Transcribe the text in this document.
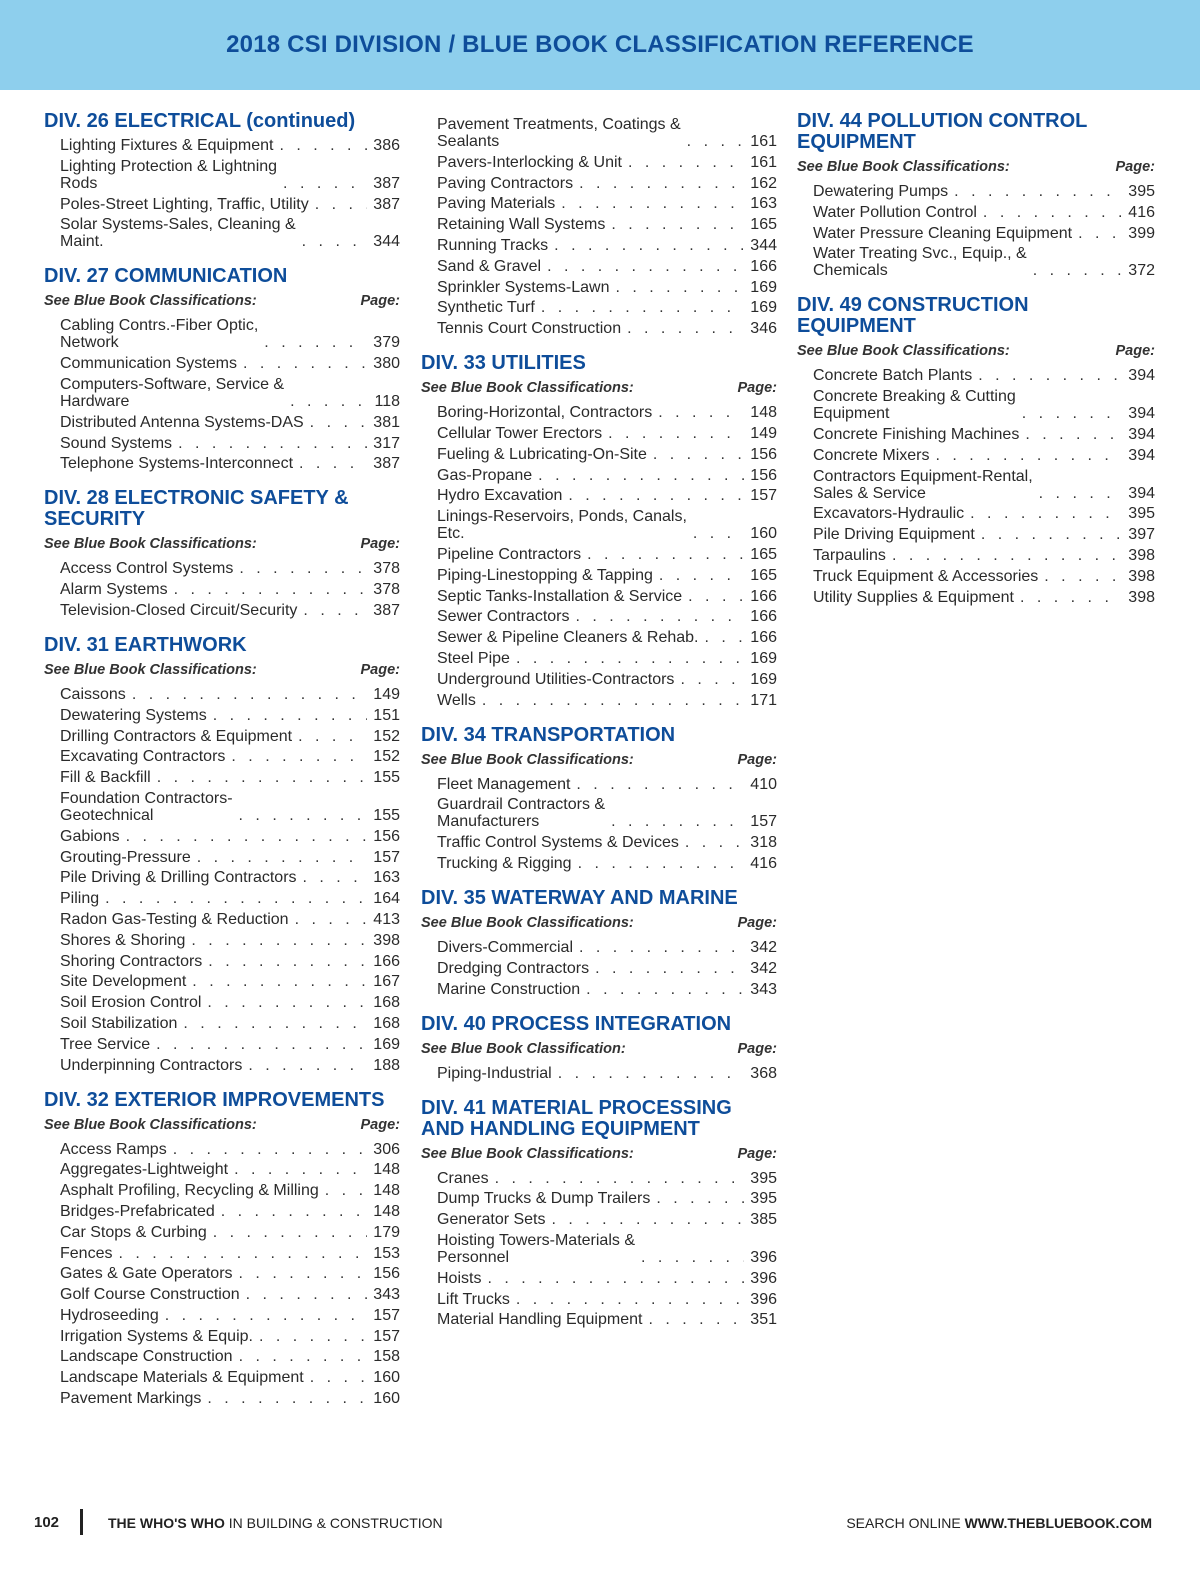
2018 CSI DIVISION / BLUE BOOK CLASSIFICATION REFERENCE
DIV. 26 ELECTRICAL (continued)
Lighting Fixtures & Equipment . . .	386
Lighting Protection & Lightning
Rods . . .	387
Poles-Street Lighting, Traffic, Utility . . .	387
Solar Systems-Sales, Cleaning &
Maint. . . .	344
DIV. 27 COMMUNICATION
See Blue Book Classifications:	Page:
Cabling Contrs.-Fiber Optic,
Network . . .	379
Communication Systems . . .	380
Computers-Software, Service &
Hardware . . .	118
Distributed Antenna Systems-DAS . . .	381
Sound Systems . . .	317
Telephone Systems-Interconnect . . .	387
DIV. 28 ELECTRONIC SAFETY &
SECURITY
See Blue Book Classifications:	Page:
Access Control Systems . . .	378
Alarm Systems . . .	378
Television-Closed Circuit/Security . . .	387
DIV. 31 EARTHWORK
See Blue Book Classifications:	Page:
Caissons . . .	149
Dewatering Systems . . .	151
Drilling Contractors & Equipment . . .	152
Excavating Contractors . . .	152
Fill & Backfill . . .	155
Foundation Contractors-
Geotechnical . . .	155
Gabions . . .	156
Grouting-Pressure . . .	157
Pile Driving & Drilling Contractors . . .	163
Piling . . .	164
Radon Gas-Testing & Reduction . . .	413
Shores & Shoring . . .	398
Shoring Contractors . . .	166
Site Development . . .	167
Soil Erosion Control . . .	168
Soil Stabilization . . .	168
Tree Service . . .	169
Underpinning Contractors . . .	188
DIV. 32 EXTERIOR IMPROVEMENTS
See Blue Book Classifications:	Page:
Access Ramps . . .	306
Aggregates-Lightweight . . .	148
Asphalt Profiling, Recycling & Milling . . .	148
Bridges-Prefabricated . . .	148
Car Stops & Curbing . . .	179
Fences . . .	153
Gates & Gate Operators . . .	156
Golf Course Construction . . .	343
Hydroseeding . . .	157
Irrigation Systems & Equip. . . .	157
Landscape Construction . . .	158
Landscape Materials & Equipment . . .	160
Pavement Markings . . .	160
Pavement Treatments, Coatings &
Sealants . . .	161
Pavers-Interlocking & Unit . . .	161
Paving Contractors . . .	162
Paving Materials . . .	163
Retaining Wall Systems . . .	165
Running Tracks . . .	344
Sand & Gravel . . .	166
Sprinkler Systems-Lawn . . .	169
Synthetic Turf . . .	169
Tennis Court Construction . . .	346
DIV. 33 UTILITIES
See Blue Book Classifications:	Page:
Boring-Horizontal, Contractors . . .	148
Cellular Tower Erectors . . .	149
Fueling & Lubricating-On-Site . . .	156
Gas-Propane . . .	156
Hydro Excavation . . .	157
Linings-Reservoirs, Ponds, Canals,
Etc. . . .	160
Pipeline Contractors . . .	165
Piping-Linestopping & Tapping . . .	165
Septic Tanks-Installation & Service . . .	166
Sewer Contractors . . .	166
Sewer & Pipeline Cleaners & Rehab. . . .	166
Steel Pipe . . .	169
Underground Utilities-Contractors . . .	169
Wells . . .	171
DIV. 34 TRANSPORTATION
See Blue Book Classifications:	Page:
Fleet Management . . .	410
Guardrail Contractors &
Manufacturers . . .	157
Traffic Control Systems & Devices . . .	318
Trucking & Rigging . . .	416
DIV. 35 WATERWAY AND MARINE
See Blue Book Classifications:	Page:
Divers-Commercial . . .	342
Dredging Contractors . . .	342
Marine Construction . . .	343
DIV. 40 PROCESS INTEGRATION
See Blue Book Classification:	Page:
Piping-Industrial . . .	368
DIV. 41 MATERIAL PROCESSING
AND HANDLING EQUIPMENT
See Blue Book Classifications:	Page:
Cranes . . .	395
Dump Trucks & Dump Trailers . . .	395
Generator Sets . . .	385
Hoisting Towers-Materials &
Personnel . . .	396
Hoists . . .	396
Lift Trucks . . .	396
Material Handling Equipment . . .	351
DIV. 44 POLLUTION CONTROL
EQUIPMENT
See Blue Book Classifications:	Page:
Dewatering Pumps . . .	395
Water Pollution Control . . .	416
Water Pressure Cleaning Equipment . . .	399
Water Treating Svc., Equip., &
Chemicals . . .	372
DIV. 49 CONSTRUCTION
EQUIPMENT
See Blue Book Classifications:	Page:
Concrete Batch Plants . . .	394
Concrete Breaking & Cutting
Equipment . . .	394
Concrete Finishing Machines . . .	394
Concrete Mixers . . .	394
Contractors Equipment-Rental,
Sales & Service . . .	394
Excavators-Hydraulic . . .	395
Pile Driving Equipment . . .	397
Tarpaulins . . .	398
Truck Equipment & Accessories . . .	398
Utility Supplies & Equipment . . .	398
102	THE WHO'S WHO IN BUILDING & CONSTRUCTION	SEARCH ONLINE WWW.THEBLUEBOOK.COM
